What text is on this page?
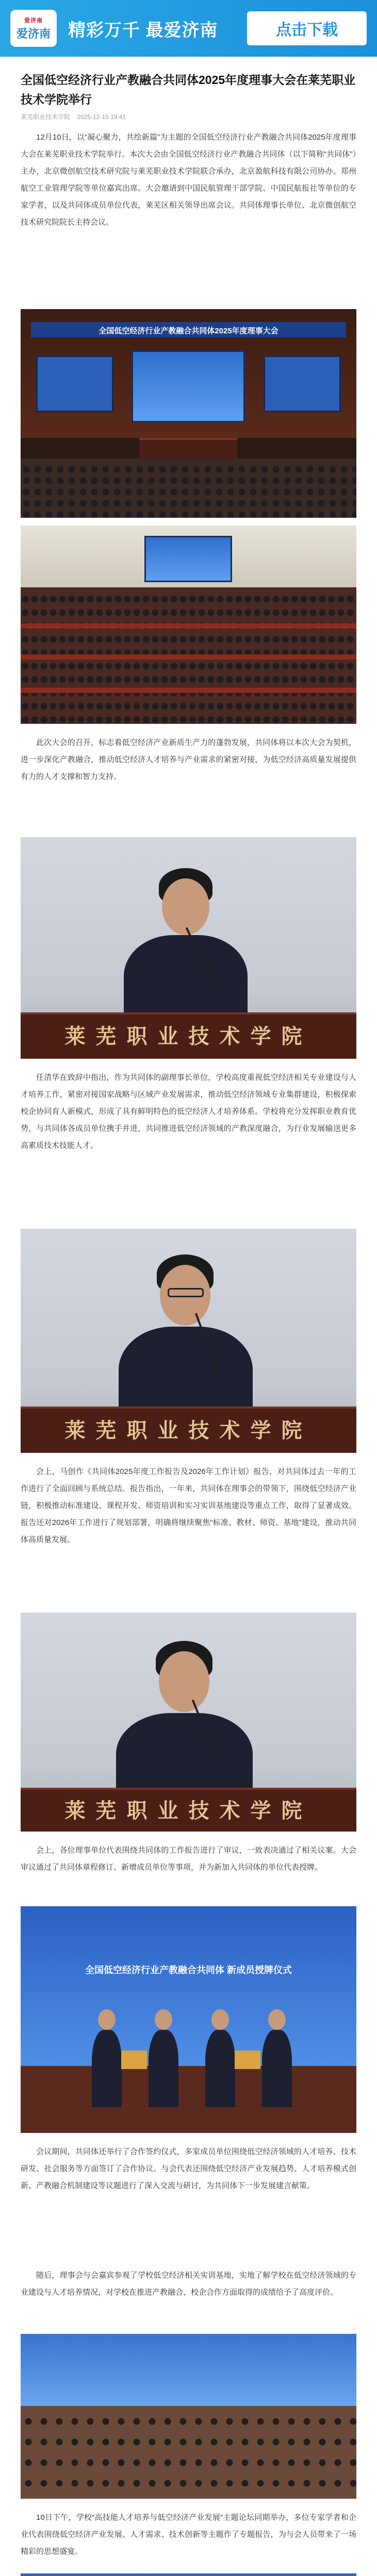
爱济南
爱济南 精彩万千 最爱济南	点击下载
全国低空经济行业产教融合共同体2025年度理事大会在莱芜职业技术学院举行
莱芜职业技术学院 2025-12-15 19:41

12月10日，以“凝心聚力，共绘新篇”为主题的全国低空经济行业产教融合共同体2025年度理事大会在莱芜职业技术学院举行。本次大会由全国低空经济行业产教融合共同体（以下简称“共同体”）主办，北京微创航空技术研究院与莱芜职业技术学院联合承办，北京盈航科技有限公司协办。郑州航空工业管理学院等单位嘉宾出席。大会邀请到中国民航管理干部学院、中国民航报社等单位的专家学者，以及共同体成员单位代表，莱芜区相关领导出席会议。共同体理事长单位、北京微创航空技术研究院院长主持会议。

全国低空经济行业产教融合共同体2025年度理事大会

此次大会的召开，标志着低空经济产业新质生产力的蓬勃发展，共同体将以本次大会为契机，进一步深化产教融合，推动低空经济人才培养与产业需求的紧密对接，为低空经济高质量发展提供有力的人才支撑和智力支持。

莱芜职业技术学院

任清华在致辞中指出，作为共同体的副理事长单位，学校高度重视低空经济相关专业建设与人才培养工作，紧密对接国家战略与区域产业发展需求，推动低空经济领域专业集群建设，积极探索校企协同育人新模式，形成了具有鲜明特色的低空经济人才培养体系。学校将充分发挥职业教育优势，与共同体各成员单位携手并进，共同推进低空经济领域的产教深度融合，为行业发展输送更多高素质技术技能人才。

莱芜职业技术学院

会上，马创作《共同体2025年度工作报告及2026年工作计划》报告，对共同体过去一年的工作进行了全面回顾与系统总结。报告指出，一年来，共同体在理事会的带领下，围绕低空经济产业链，积极推动标准建设、课程开发、师资培训和实习实训基地建设等重点工作，取得了显著成效。报告还对2026年工作进行了规划部署，明确将继续聚焦“标准、教材、师资、基地”建设，推动共同体高质量发展。

莱芜职业技术学院

会上，各位理事单位代表围绕共同体的工作报告进行了审议，一致表决通过了相关议案。大会审议通过了共同体章程修订、新增成员单位等事项，并为新加入共同体的单位代表授牌。

全国低空经济行业产教融合共同体 新成员授牌仪式

会议期间，共同体还举行了合作签约仪式，多家成员单位围绕低空经济领域的人才培养、技术研发、社会服务等方面签订了合作协议。与会代表还围绕低空经济产业发展趋势、人才培养模式创新、产教融合机制建设等议题进行了深入交流与研讨，为共同体下一步发展建言献策。

随后，理事会与会嘉宾参观了学校低空经济相关实训基地，实地了解学校在低空经济领域的专业建设与人才培养情况，对学校在推进产教融合、校企合作方面取得的成绩给予了高度评价。

10日下午，学校“高技能人才培养与低空经济产业发展”主题论坛同期举办，多位专家学者和企业代表围绕低空经济产业发展、人才需求、技术创新等主题作了专题报告，为与会人员带来了一场精彩的思想盛宴。
